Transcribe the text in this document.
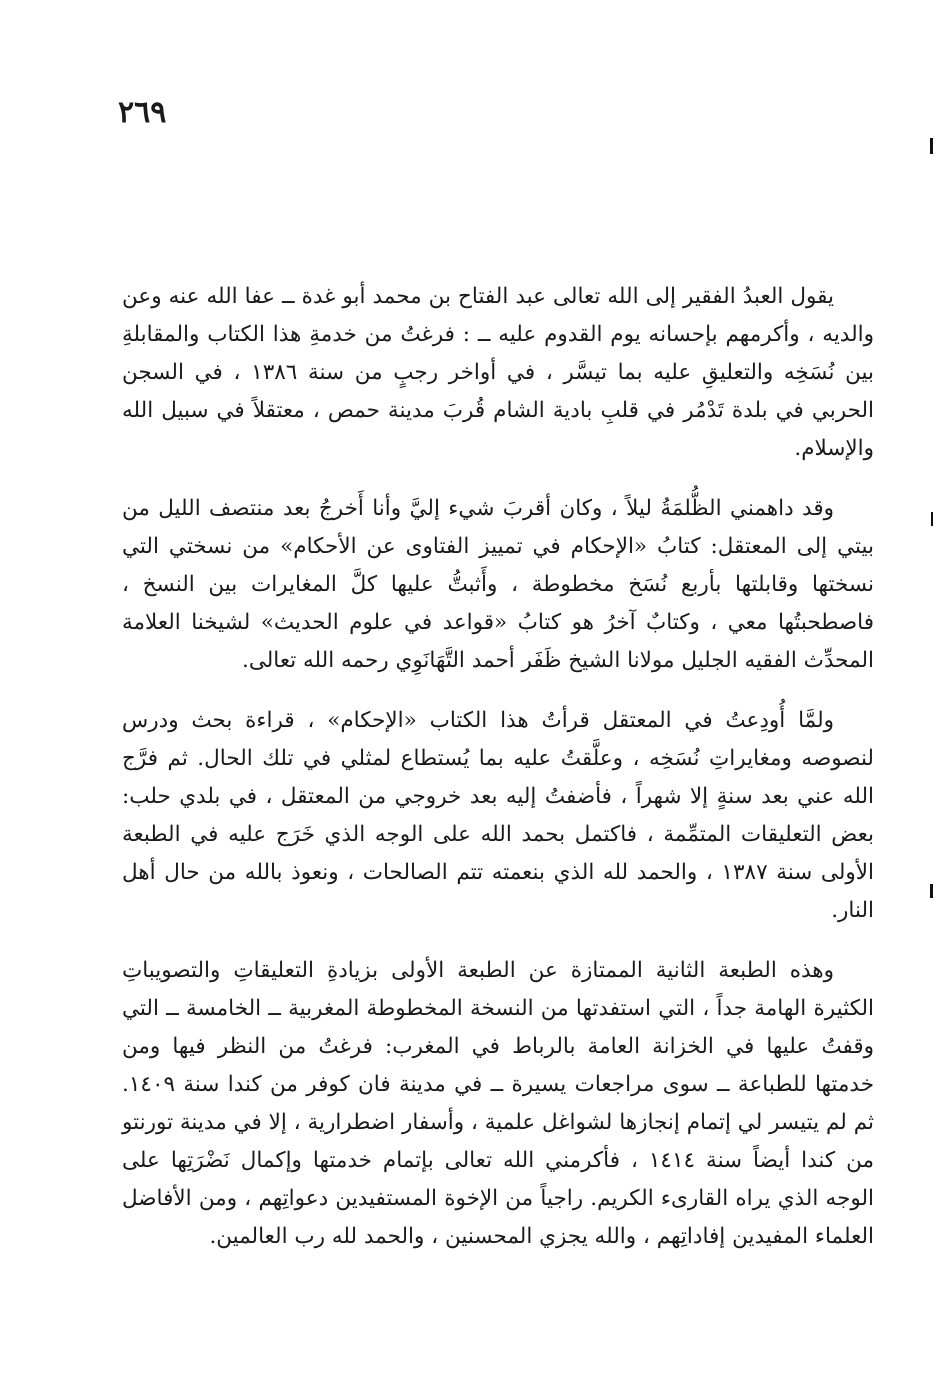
٢٦٩

يقول العبدُ الفقير إلى الله تعالى عبد الفتاح بن محمد أبو غدة ــ عفا الله عنه وعن والديه ، وأكرمهم بإحسانه يوم القدوم عليه ــ : فرغتُ من خدمةِ هذا الكتاب والمقابلةِ بين نُسَخِه والتعليقِ عليه بما تيسَّر ، في أواخر رجبٍ من سنة ١٣٨٦ ، في السجن الحربي في بلدة تَدْمُر في قلبِ بادية الشام قُربَ مدينة حمص ، معتقلاً في سبيل الله والإسلام.

وقد داهمني الظُّلمَةُ ليلاً ، وكان أقربَ شيء إليَّ وأنا أَخرجُ بعد منتصف الليل من بيتي إلى المعتقل: كتابُ «الإحكام في تمييز الفتاوى عن الأحكام» من نسختي التي نسختها وقابلتها بأربع نُسَخ مخطوطة ، وأَثبتُّ عليها كلَّ المغايرات بين النسخ ، فاصطحبتُها معي ، وكتابٌ آخرُ هو كتابُ «قواعد في علوم الحديث» لشيخنا العلامة المحدِّث الفقيه الجليل مولانا الشيخ ظَفَر أحمد التَّهَانَوِي رحمه الله تعالى.

ولمَّا أُودِعتُ في المعتقل قرأتُ هذا الكتاب «الإحكام» ، قراءة بحث ودرس لنصوصه ومغايراتِ نُسَخِه ، وعلَّقتُ عليه بما يُستطاع لمثلي في تلك الحال. ثم فرَّج الله عني بعد سنةٍ إلا شهراً ، فأضفتُ إليه بعد خروجي من المعتقل ، في بلدي حلب: بعض التعليقات المتمِّمة ، فاكتمل بحمد الله على الوجه الذي خَرَج عليه في الطبعة الأولى سنة ١٣٨٧ ، والحمد لله الذي بنعمته تتم الصالحات ، ونعوذ بالله من حال أهل النار.

وهذه الطبعة الثانية الممتازة عن الطبعة الأولى بزيادةِ التعليقاتِ والتصويباتِ الكثيرة الهامة جداً ، التي استفدتها من النسخة المخطوطة المغربية ــ الخامسة ــ التي وقفتُ عليها في الخزانة العامة بالرباط في المغرب: فرغتُ من النظر فيها ومن خدمتها للطباعة ــ سوى مراجعات يسيرة ــ في مدينة فان كوفر من كندا سنة ١٤٠٩. ثم لم يتيسر لي إتمام إنجازها لشواغل علمية ، وأسفار اضطرارية ، إلا في مدينة تورنتو من كندا أيضاً سنة ١٤١٤ ، فأكرمني الله تعالى بإتمام خدمتها وإكمال نَضْرَتِها على الوجه الذي يراه القارىء الكريم. راجياً من الإخوة المستفيدين دعواتِهم ، ومن الأفاضل العلماء المفيدين إفاداتِهم ، والله يجزي المحسنين ، والحمد لله رب العالمين.
